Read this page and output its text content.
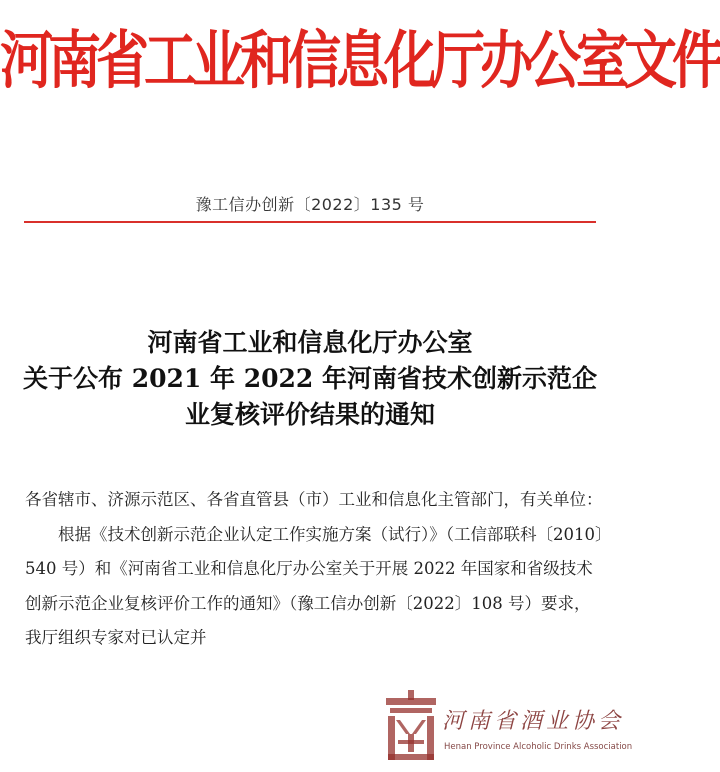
河南省工业和信息化厅办公室文件
豫工信办创新〔2022〕135 号
河南省工业和信息化厅办公室
关于公布 2021 年 2022 年河南省技术创新示范企
业复核评价结果的通知

各省辖市、济源示范区、各省直管县（市）工业和信息化主管部门，有关单位：

根据《技术创新示范企业认定工作实施方案（试行）》（工信部联科〔2010〕540 号）和《河南省工业和信息化厅办公室关于开展 2022 年国家和省级技术创新示范企业复核评价工作的通知》（豫工信办创新〔2022〕108 号）要求，我厅组织专家对已认定并

河南省酒业协会
Henan Province Alcoholic Drinks Association
